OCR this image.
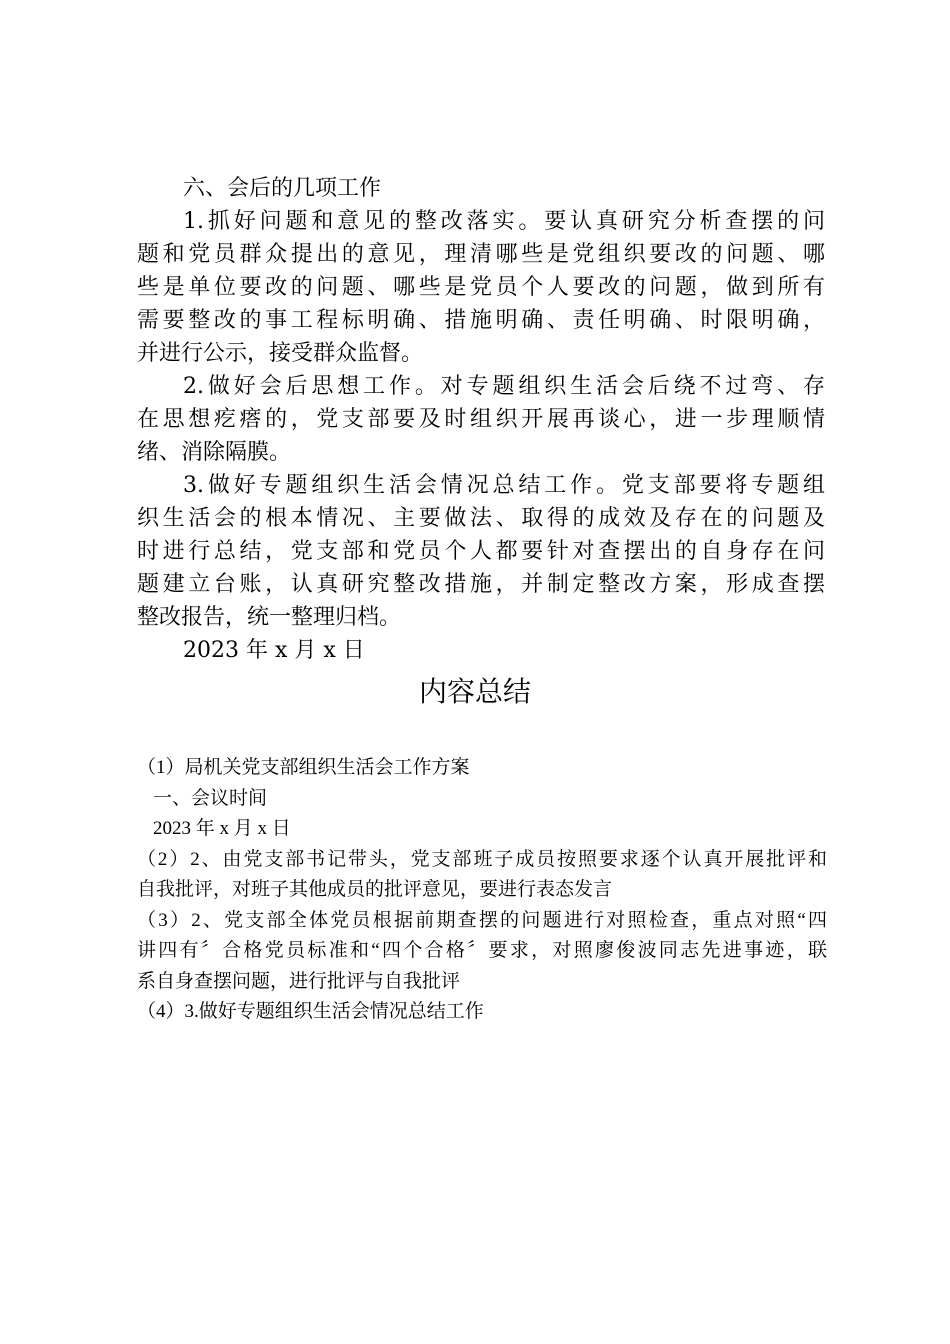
六、会后的几项工作
1.抓好问题和意见的整改落实。要认真研究分析查摆的问
题和党员群众提出的意见，理清哪些是党组织要改的问题、哪
些是单位要改的问题、哪些是党员个人要改的问题，做到所有
需要整改的事工程标明确、措施明确、责任明确、时限明确，
并进行公示，接受群众监督。
2.做好会后思想工作。对专题组织生活会后绕不过弯、存
在思想疙瘩的，党支部要及时组织开展再谈心，进一步理顺情
绪、消除隔膜。
3.做好专题组织生活会情况总结工作。党支部要将专题组
织生活会的根本情况、主要做法、取得的成效及存在的问题及
时进行总结，党支部和党员个人都要针对查摆出的自身存在问
题建立台账，认真研究整改措施，并制定整改方案，形成查摆
整改报告，统一整理归档。
2023 年 x 月 x 日
内容总结
（1）局机关党支部组织生活会工作方案
一、会议时间
2023 年 x 月 x 日
（2）2、由党支部书记带头，党支部班子成员按照要求逐个认真开展批评和
自我批评，对班子其他成员的批评意见，要进行表态发言
（3）2、党支部全体党员根据前期查摆的问题进行对照检查，重点对照“四
讲四有〞合格党员标准和“四个合格〞要求，对照廖俊波同志先进事迹，联
系自身查摆问题，进行批评与自我批评
（4）3.做好专题组织生活会情况总结工作
